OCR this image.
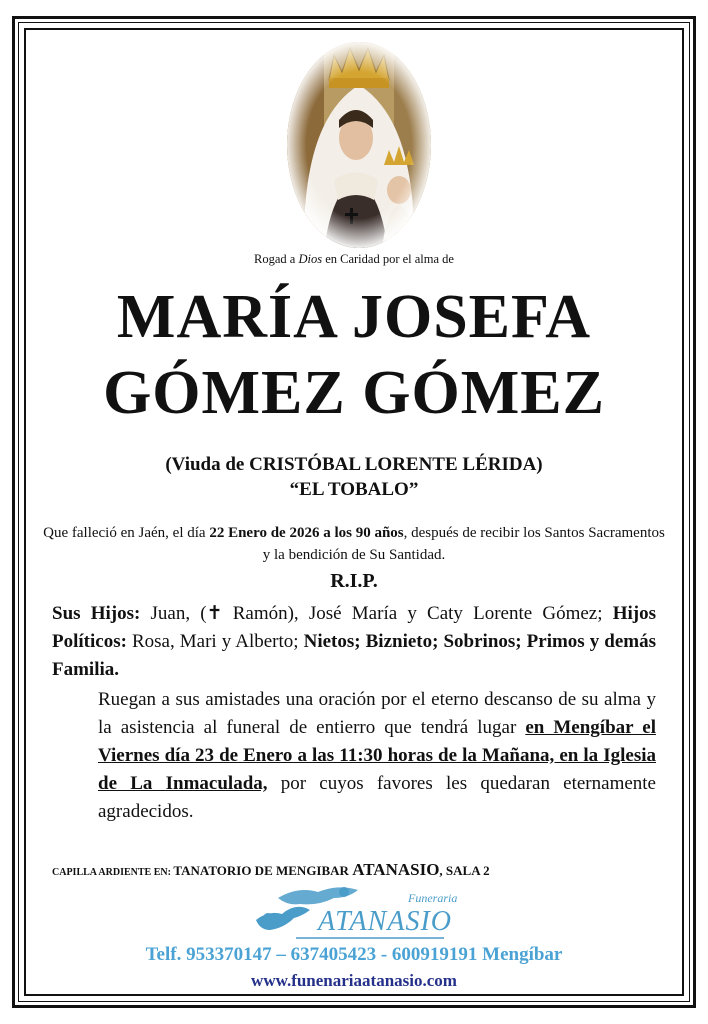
Rogad a Dios en Caridad por el alma de
MARÍA JOSEFA
GÓMEZ GÓMEZ
(Viuda de CRISTÓBAL LORENTE LÉRIDA)
“EL TOBALO”
Que falleció en Jaén, el día 22 Enero de 2026 a los 90 años, después de recibir los Santos Sacramentos y la bendición de Su Santidad.
R.I.P.
Sus Hijos: Juan, (✝ Ramón), José María y Caty Lorente Gómez; Hijos Políticos: Rosa, Mari y Alberto; Nietos; Biznieto; Sobrinos; Primos y demás Familia.
Ruegan a sus amistades una oración por el eterno descanso de su alma y la asistencia al funeral de entierro que tendrá lugar en Mengíbar el Viernes día 23 de Enero a las 11:30 horas de la Mañana, en la Iglesia de La Inmaculada, por cuyos favores les quedaran eternamente agradecidos.
CAPILLA ARDIENTE EN: TANATORIO DE MENGIBAR ATANASIO, SALA 2
Funeraria
ATANASIO
Telf. 953370147 – 637405423 - 600919191 Mengíbar
www.funenariaatanasio.com
